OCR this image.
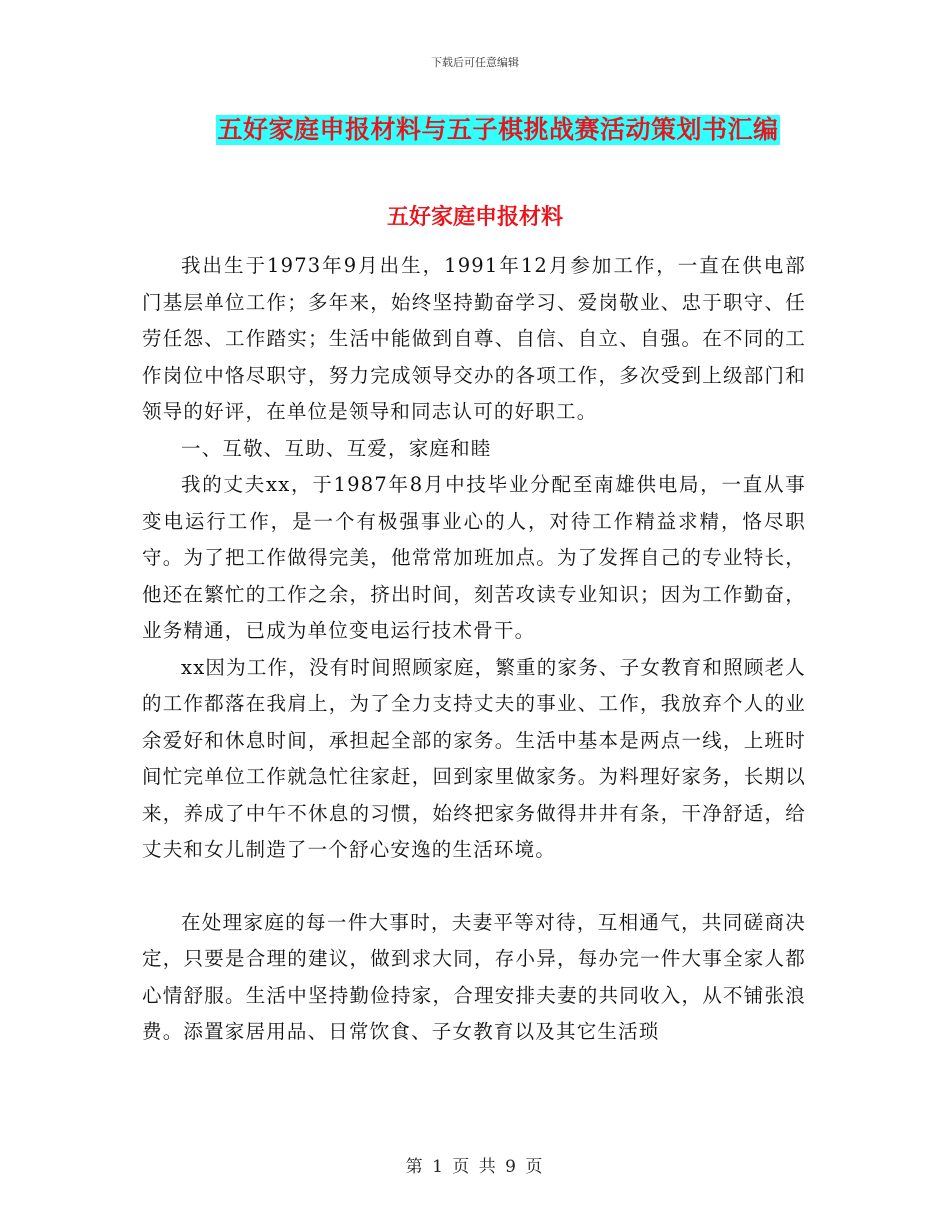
下载后可任意编辑
五好家庭申报材料与五子棋挑战赛活动策划书汇编
五好家庭申报材料

我出生于1973年9月出生，1991年12月参加工作，一直在供电部门基层单位工作；多年来，始终坚持勤奋学习、爱岗敬业、忠于职守、任劳任怨、工作踏实；生活中能做到自尊、自信、自立、自强。在不同的工作岗位中恪尽职守，努力完成领导交办的各项工作，多次受到上级部门和领导的好评，在单位是领导和同志认可的好职工。

一、互敬、互助、互爱，家庭和睦

我的丈夫xx，于1987年8月中技毕业分配至南雄供电局，一直从事变电运行工作，是一个有极强事业心的人，对待工作精益求精，恪尽职守。为了把工作做得完美，他常常加班加点。为了发挥自己的专业特长，他还在繁忙的工作之余，挤出时间，刻苦攻读专业知识；因为工作勤奋，业务精通，已成为单位变电运行技术骨干。

xx因为工作，没有时间照顾家庭，繁重的家务、子女教育和照顾老人的工作都落在我肩上，为了全力支持丈夫的事业、工作，我放弃个人的业余爱好和休息时间，承担起全部的家务。生活中基本是两点一线，上班时间忙完单位工作就急忙往家赶，回到家里做家务。为料理好家务，长期以来，养成了中午不休息的习惯，始终把家务做得井井有条，干净舒适，给丈夫和女儿制造了一个舒心安逸的生活环境。

在处理家庭的每一件大事时，夫妻平等对待，互相通气，共同磋商决定，只要是合理的建议，做到求大同，存小异，每办完一件大事全家人都心情舒服。生活中坚持勤俭持家，合理安排夫妻的共同收入，从不铺张浪费。添置家居用品、日常饮食、子女教育以及其它生活琐

第 1 页 共 9 页
